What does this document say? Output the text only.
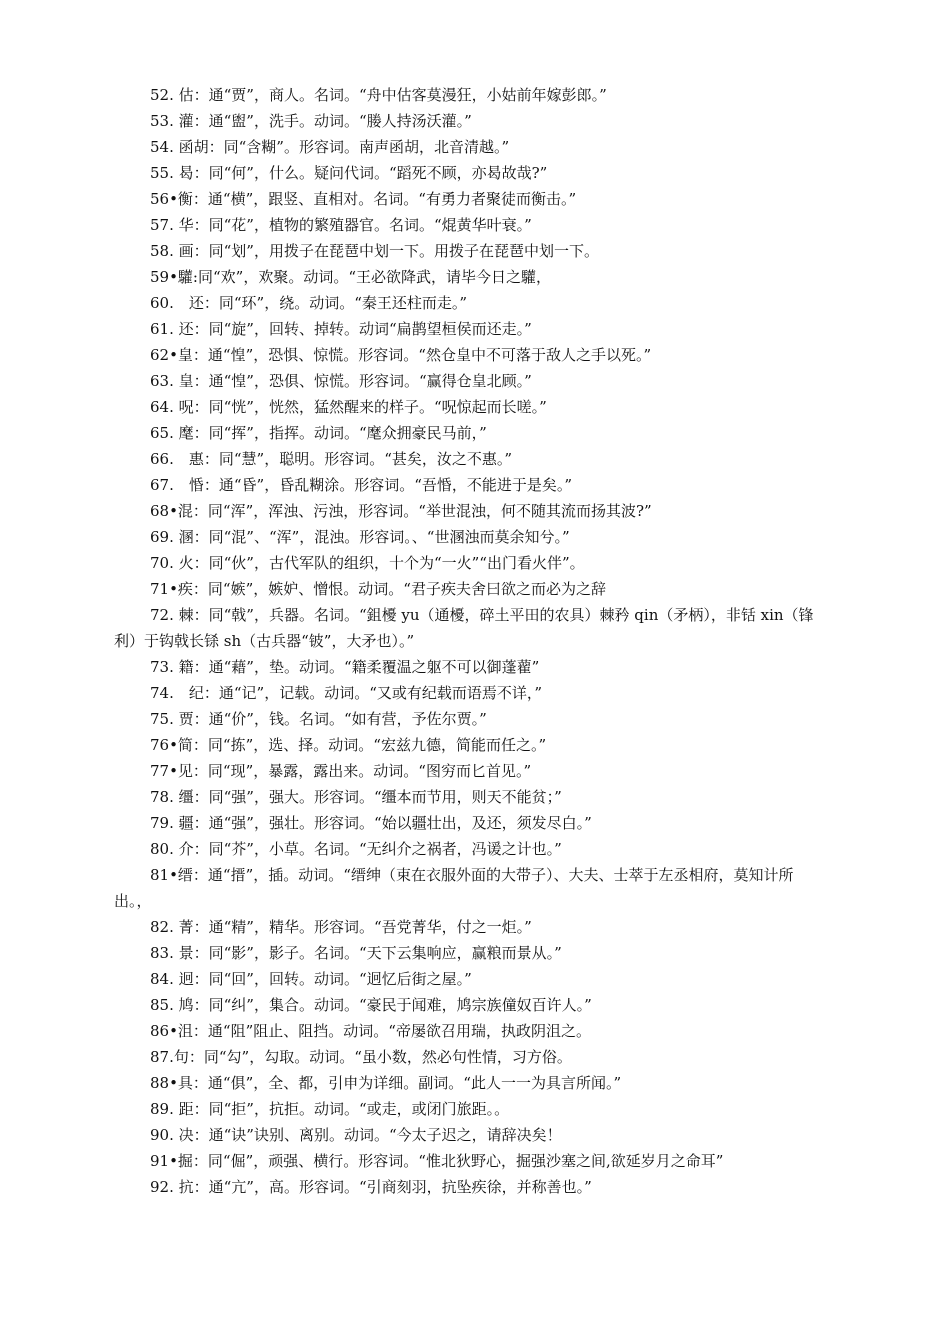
52. 估：通“贾”，商人。名词。“舟中估客莫漫狂，小姑前年嫁彭郎。”

53. 灌：通“盥”，洗手。动词。“媵人持汤沃灌。”

54. 函胡：同“含糊”。形容词。南声函胡，北音清越。”

55. 曷：同“何”，什么。疑问代词。“蹈死不顾，亦曷故哉?”

56•衡：通“横”，跟竖、直相对。名词。“有勇力者聚徒而衡击。”

57. 华：同“花”，植物的繁殖器官。名词。“焜黄华叶衰。”

58. 画：同“划”，用拨子在琵琶中划一下。用拨子在琵琶中划一下。

59•驩:同“欢”，欢聚。动词。“王必欲降武，请毕今日之驩，

60.　还：同“环”，绕。动词。“秦王还柱而走。”

61. 还：同“旋”，回转、掉转。动词“扁鹊望桓侯而还走。”

62•皇：通“惶”，恐惧、惊慌。形容词。“然仓皇中不可落于敌人之手以死。”

63. 皇：通“惶”，恐俱、惊慌。形容词。“赢得仓皇北顾。”

64. 呪：同“恍”，恍然，猛然醒来的样子。“呪惊起而长嗟。”

65. 麾：同“挥”，指挥。动词。“麾众拥豪民马前，”

66.　惠：同“慧”，聪明。形容词。“甚矣，汝之不惠。”

67.　惛：通“昏”，昏乱糊涂。形容词。“吾惛，不能进于是矣。”

68•混：同“浑”，浑浊、污浊，形容词。“举世混浊，何不随其流而扬其波?”

69. 溷：同“混”、“浑”，混浊。形容词。、“世溷浊而莫余知兮。”

70. 火：同“伙”，古代军队的组织，十个为“一火”“出门看火伴”。

71•疾：同“嫉”，嫉妒、憎恨。动词。“君子疾夫舍曰欲之而必为之辞

72. 棘：同“戟”，兵器。名词。“鉏櫌 yu（通櫌，碎土平田的农具）棘矜 qin（矛柄），非铦 xin（锋利）于钩戟长铩 sh（古兵器“铍”，大矛也）。”

73. 籍：通“藉”，垫。动词。“籍柔覆温之躯不可以御蓬藋”

74.　纪：通“记”，记载。动词。“又或有纪载而语焉不详，”

75. 贾：通“价”，钱。名词。“如有营，予佐尔贾。”

76•简：同“拣”，选、择。动词。“宏兹九德，简能而任之。”

77•见：同“现”，暴露，露出来。动词。“图穷而匕首见。”

78. 缰：同“强”，强大。形容词。“缰本而节用，则天不能贫；”

79. 疆：通“强”，强壮。形容词。“始以疆壮出，及还，须发尽白。”

80. 介：同“芥”，小草。名词。“无纠介之祸者，冯谖之计也。”

81•缙：通“搢”，插。动词。“缙绅（束在衣服外面的大带子）、大夫、士萃于左丞相府，莫知计所出。，

82. 菁：通“精”，精华。形容词。“吾党菁华，付之一炬。”

83. 景：同“影”，影子。名词。“天下云集响应，赢粮而景从。”

84. 迥：同“回”，回转。动词。“迥忆后街之屋。”

85. 鸠：同“纠”，集合。动词。“豪民于闻难，鸠宗族僮奴百许人。”

86•沮：通“阻”阻止、阻挡。动词。“帝屡欲召用瑞，执政阴沮之。

87.句：同“勾”，勾取。动词。“虽小数，然必句性情，习方俗。

88•具：通“俱”，全、都，引申为详细。副词。“此人一一为具言所闻。”

89. 距：同“拒”，抗拒。动词。“或走，或闭门旅距。。

90. 决：通“诀”诀别、离别。动词。“今太子迟之，请辞决矣！

91•掘：同“倔”，顽强、横行。形容词。“惟北狄野心，掘强沙塞之间,欲延岁月之命耳”

92. 抗：通“亢”，高。形容词。“引商刻羽，抗坠疾徐，并称善也。”
